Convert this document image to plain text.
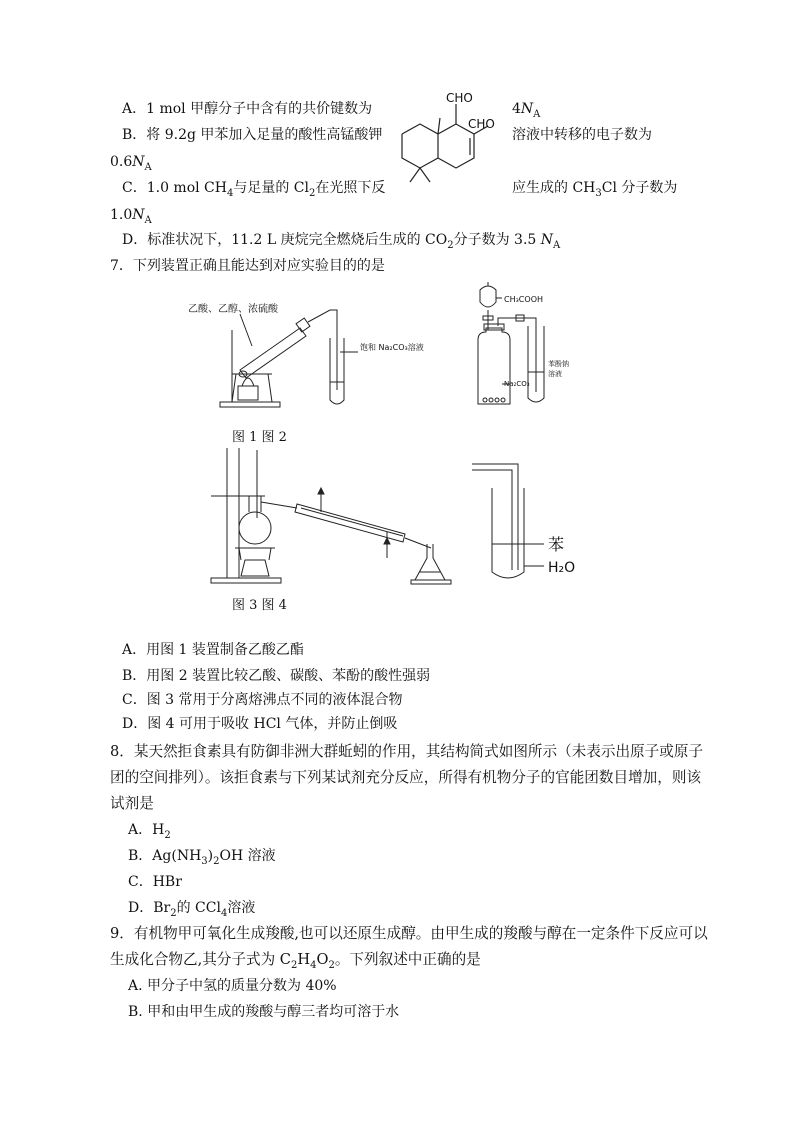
A．1 mol 甲醇分子中含有的共价键数为	$4N_A$
B．将 9.2g 甲苯加入足量的酸性高锰酸钾	溶液中转移的电子数为
$0.6N_A$
C．1.0 mol $CH_4$与足量的 $Cl_2$在光照下反	应生成的 $CH_3Cl$ 分子数为
$1.0N_A$
D．标准状况下，11.2 L 庚烷完全燃烧后生成的 $CO_2$分子数为 3.5 $N_A$
CHO
CHO
7．下列装置正确且能达到对应实验目的的是
乙酸、乙醇、浓硫酸
饱和 Na₂CO₃溶液
CH₃COOH
Na₂CO₃
苯酚钠
溶液
图 1 图 2
苯
H₂O
图 3 图 4
A．用图 1 装置制备乙酸乙酯
B．用图 2 装置比较乙酸、碳酸、苯酚的酸性强弱
C．图 3 常用于分离熔沸点不同的液体混合物
D．图 4 可用于吸收 HCl 气体，并防止倒吸
8．某天然拒食素具有防御非洲大群蚯蚓的作用，其结构简式如图所示（未表示出原子或原子
团的空间排列）。该拒食素与下列某试剂充分反应，所得有机物分子的官能团数目增加，则该
试剂是
A．$H_2$
B．$Ag(NH_3)_2OH$ 溶液
C．HBr
D．$Br_2$的 CCl$_4$溶液
9．有机物甲可氧化生成羧酸,也可以还原生成醇。由甲生成的羧酸与醇在一定条件下反应可以
生成化合物乙,其分子式为 $C_2H_4O_2$。下列叙述中正确的是
A. 甲分子中氢的质量分数为 40%
B. 甲和由甲生成的羧酸与醇三者均可溶于水
